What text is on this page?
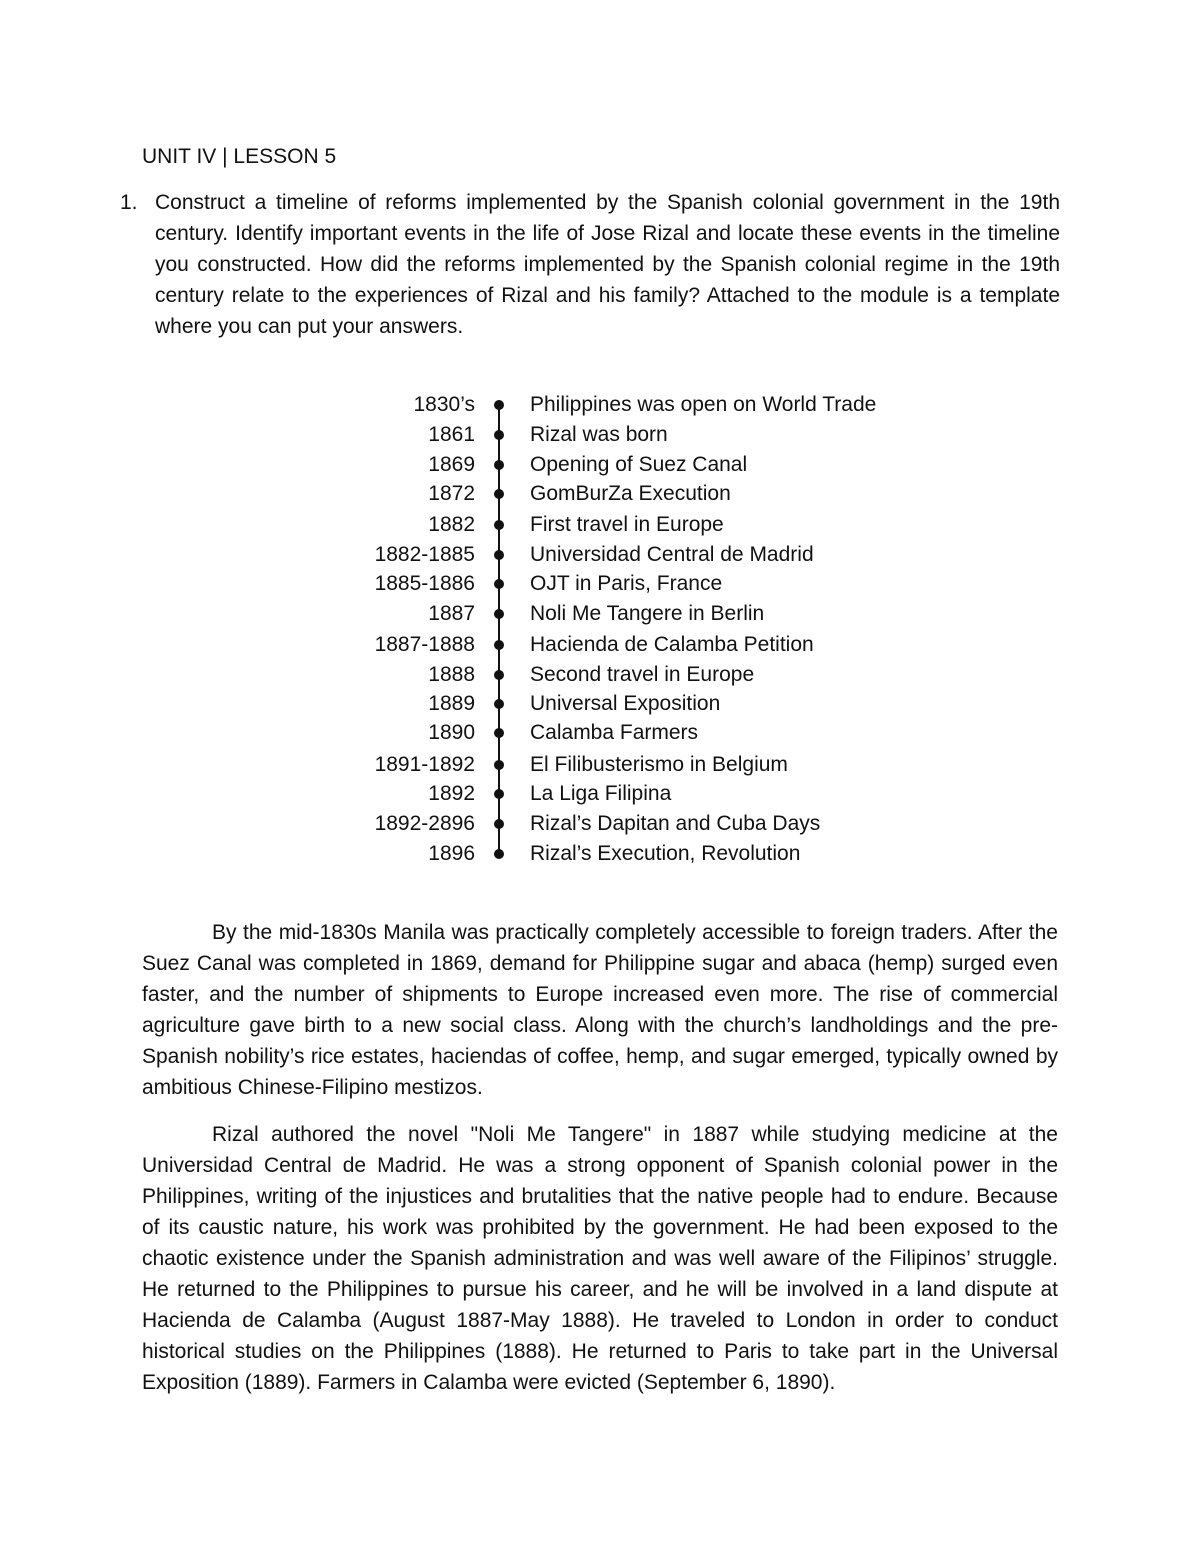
UNIT IV | LESSON 5
1. Construct a timeline of reforms implemented by the Spanish colonial government in the 19th century. Identify important events in the life of Jose Rizal and locate these events in the timeline you constructed. How did the reforms implemented by the Spanish colonial regime in the 19th century relate to the experiences of Rizal and his family? Attached to the module is a template where you can put your answers.
1830’s	Philippines was open on World Trade
1861	Rizal was born
1869	Opening of Suez Canal
1872	GomBurZa Execution
1882	First travel in Europe
1882-1885	Universidad Central de Madrid
1885-1886	OJT in Paris, France
1887	Noli Me Tangere in Berlin
1887-1888	Hacienda de Calamba Petition
1888	Second travel in Europe
1889	Universal Exposition
1890	Calamba Farmers
1891-1892	El Filibusterismo in Belgium
1892	La Liga Filipina
1892-2896	Rizal’s Dapitan and Cuba Days
1896	Rizal’s Execution, Revolution

By the mid-1830s Manila was practically completely accessible to foreign traders. After the Suez Canal was completed in 1869, demand for Philippine sugar and abaca (hemp) surged even faster, and the number of shipments to Europe increased even more. The rise of commercial agriculture gave birth to a new social class. Along with the church’s landholdings and the pre-Spanish nobility’s rice estates, haciendas of coffee, hemp, and sugar emerged, typically owned by ambitious Chinese-Filipino mestizos.

Rizal authored the novel "Noli Me Tangere" in 1887 while studying medicine at the Universidad Central de Madrid. He was a strong opponent of Spanish colonial power in the Philippines, writing of the injustices and brutalities that the native people had to endure. Because of its caustic nature, his work was prohibited by the government. He had been exposed to the chaotic existence under the Spanish administration and was well aware of the Filipinos’ struggle. He returned to the Philippines to pursue his career, and he will be involved in a land dispute at Hacienda de Calamba (August 1887-May 1888). He traveled to London in order to conduct historical studies on the Philippines (1888). He returned to Paris to take part in the Universal Exposition (1889). Farmers in Calamba were evicted (September 6, 1890).
